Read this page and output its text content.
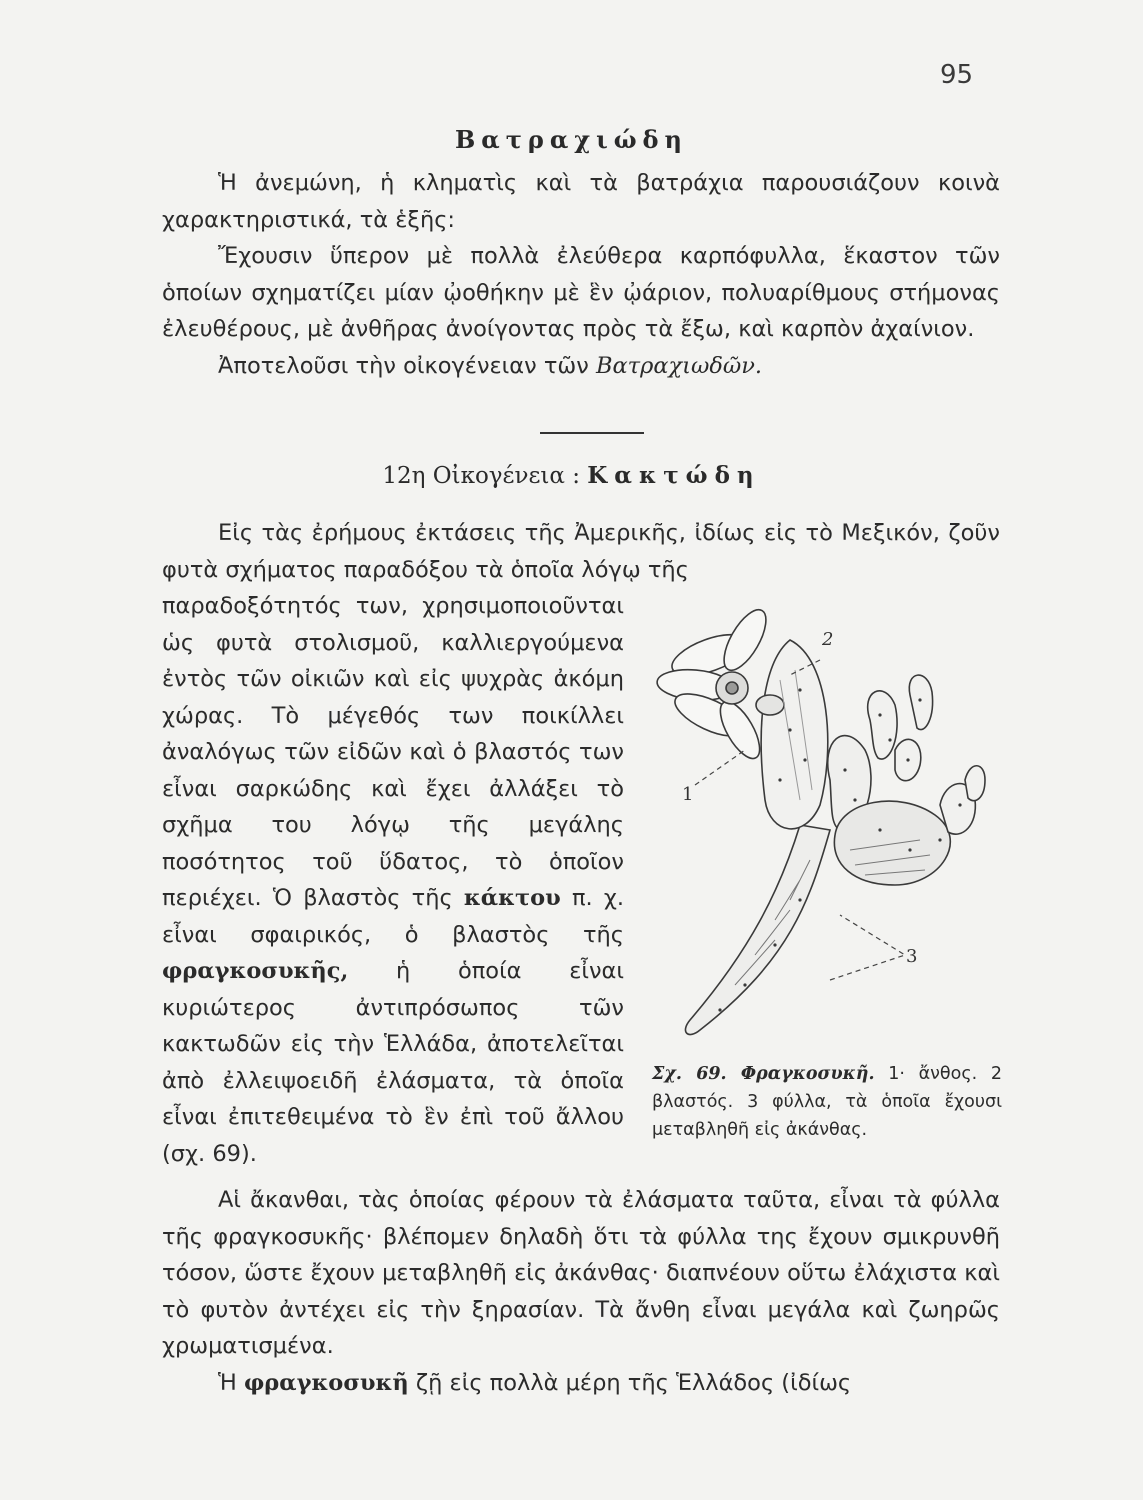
95
Βατραχιώδη

Ἡ ἀνεμώνη, ἡ κληματὶς καὶ τὰ βατράχια παρουσιάζουν κοινὰ χαρακτηριστικά, τὰ ἑξῆς:

Ἔχουσιν ὕπερον μὲ πολλὰ ἐλεύθερα καρπόφυλλα, ἕκαστον τῶν ὁποίων σχηματίζει μίαν ᾠοθήκην μὲ ἓν ᾠάριον, πολυαρίθμους στήμονας ἐλευθέρους, μὲ ἀνθῆρας ἀνοίγοντας πρὸς τὰ ἔξω, καὶ καρπὸν ἀχαίνιον.

Ἀποτελοῦσι τὴν οἰκογένειαν τῶν Βατραχιωδῶν.

12η Οἰκογένεια : Κακτώδη

Εἰς τὰς ἐρήμους ἐκτάσεις τῆς Ἀμερικῆς, ἰδίως εἰς τὸ Μεξικόν, ζοῦν φυτὰ σχήματος παραδόξου τὰ ὁποῖα λόγῳ τῆς

παραδοξότητός των, χρησιμοποιοῦνται ὡς φυτὰ στολισμοῦ, καλλιεργούμενα ἐντὸς τῶν οἰκιῶν καὶ εἰς ψυχρὰς ἀκόμη χώρας. Τὸ μέγεθός των ποικίλλει ἀναλόγως τῶν εἰδῶν καὶ ὁ βλαστός των εἶναι σαρκώδης καὶ ἔχει ἀλλάξει τὸ σχῆμα του λόγῳ τῆς μεγάλης ποσότητος τοῦ ὕδατος, τὸ ὁποῖον περιέχει. Ὁ βλαστὸς τῆς κάκτου π. χ. εἶναι σφαιρικός, ὁ βλαστὸς τῆς φραγκοσυκῆς, ἡ ὁποία εἶναι κυριώτερος ἀντιπρόσωπος τῶν κακτωδῶν εἰς τὴν Ἑλλάδα, ἀποτελεῖται ἀπὸ ἐλλειψοειδῆ ἐλάσματα, τὰ ὁποῖα εἶναι ἐπιτεθειμένα τὸ ἓν ἐπὶ τοῦ ἄλλου (σχ. 69).

1
2
3
Σχ. 69. Φραγκοσυκῆ. 1· ἄνθος. 2 βλαστός. 3 φύλλα, τὰ ὁποῖα ἔχουσι μεταβληθῆ εἰς ἀκάνθας.

Αἱ ἄκανθαι, τὰς ὁποίας φέρουν τὰ ἐλάσματα ταῦτα, εἶναι τὰ φύλλα τῆς φραγκοσυκῆς· βλέπομεν δηλαδὴ ὅτι τὰ φύλλα της ἔχουν σμικρυνθῆ τόσον, ὥστε ἔχουν μεταβληθῆ εἰς ἀκάνθας· διαπνέουν οὕτω ἐλάχιστα καὶ τὸ φυτὸν ἀντέχει εἰς τὴν ξηρασίαν. Τὰ ἄνθη εἶναι μεγάλα καὶ ζωηρῶς χρωματισμένα.

Ἡ φραγκοσυκῆ ζῇ εἰς πολλὰ μέρη τῆς Ἑλλάδος (ἰδίως
